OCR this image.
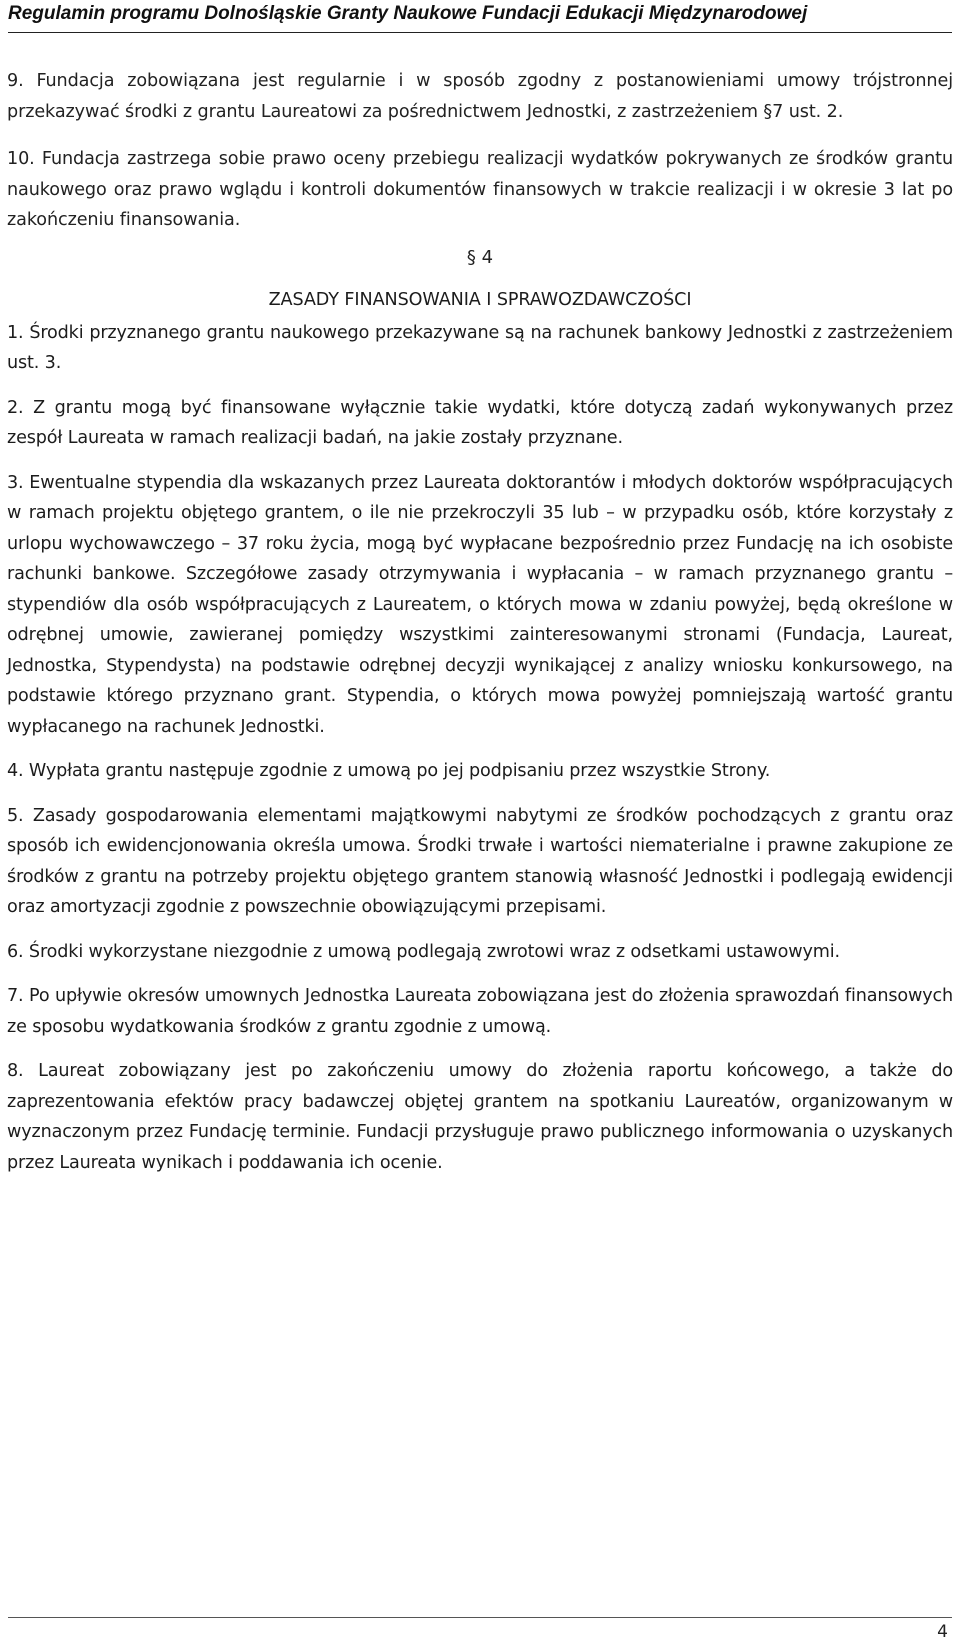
Regulamin programu Dolnośląskie Granty Naukowe Fundacji Edukacji Międzynarodowej

9. Fundacja zobowiązana jest regularnie i w sposób zgodny z postanowieniami umowy trójstronnej przekazywać środki z grantu Laureatowi za pośrednictwem Jednostki, z zastrzeżeniem §7 ust. 2.

10. Fundacja zastrzega sobie prawo oceny przebiegu realizacji wydatków pokrywanych ze środków grantu naukowego oraz prawo wglądu i kontroli dokumentów finansowych w trakcie realizacji i w okresie 3 lat po zakończeniu finansowania.

§ 4
ZASADY FINANSOWANIA I SPRAWOZDAWCZOŚCI

1. Środki przyznanego grantu naukowego przekazywane są na rachunek bankowy Jednostki z zastrzeżeniem ust. 3.

2. Z grantu mogą być finansowane wyłącznie takie wydatki, które dotyczą zadań wykonywanych przez zespół Laureata w ramach realizacji badań, na jakie zostały przyznane.

3. Ewentualne stypendia dla wskazanych przez Laureata doktorantów i młodych doktorów współpracujących w ramach projektu objętego grantem, o ile nie przekroczyli 35 lub – w przypadku osób, które korzystały z urlopu wychowawczego – 37 roku życia, mogą być wypłacane bezpośrednio przez Fundację na ich osobiste rachunki bankowe. Szczegółowe zasady otrzymywania i wypłacania – w ramach przyznanego grantu – stypendiów dla osób współpracujących z Laureatem, o których mowa w zdaniu powyżej, będą określone w odrębnej umowie, zawieranej pomiędzy wszystkimi zainteresowanymi stronami (Fundacja, Laureat, Jednostka, Stypendysta) na podstawie odrębnej decyzji wynikającej z analizy wniosku konkursowego, na podstawie którego przyznano grant. Stypendia, o których mowa powyżej pomniejszają wartość grantu wypłacanego na rachunek Jednostki.

4. Wypłata grantu następuje zgodnie z umową po jej podpisaniu przez wszystkie Strony.

5. Zasady gospodarowania elementami majątkowymi nabytymi ze środków pochodzących z grantu oraz sposób ich ewidencjonowania określa umowa. Środki trwałe i wartości niematerialne i prawne zakupione ze środków z grantu na potrzeby projektu objętego grantem stanowią własność Jednostki i podlegają ewidencji oraz amortyzacji zgodnie z powszechnie obowiązującymi przepisami.

6. Środki wykorzystane niezgodnie z umową podlegają zwrotowi wraz z odsetkami ustawowymi.

7. Po upływie okresów umownych Jednostka Laureata zobowiązana jest do złożenia sprawozdań finansowych ze sposobu wydatkowania środków z grantu zgodnie z umową.

8. Laureat zobowiązany jest po zakończeniu umowy do złożenia raportu końcowego, a także do zaprezentowania efektów pracy badawczej objętej grantem na spotkaniu Laureatów, organizowanym w wyznaczonym przez Fundację terminie. Fundacji przysługuje prawo publicznego informowania o uzyskanych przez Laureata wynikach i poddawania ich ocenie.

4
